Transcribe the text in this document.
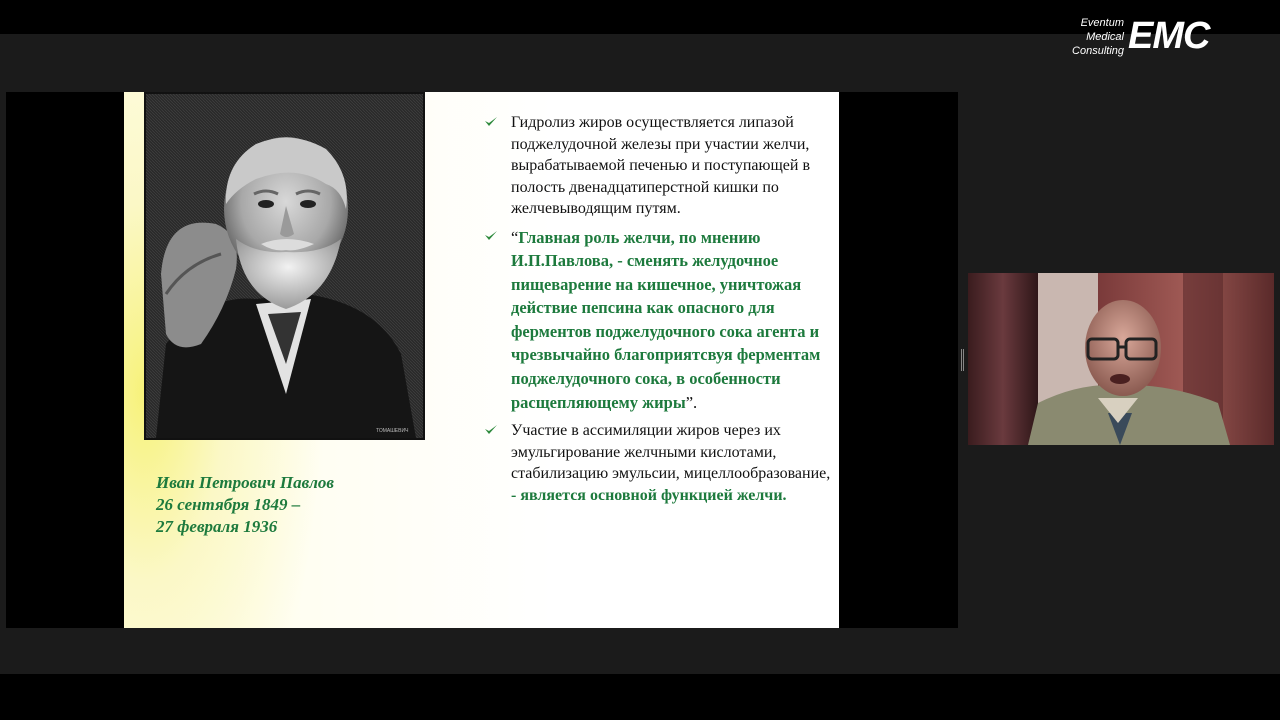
Eventum
Medical
Consulting EMC
ТОМАШЕВИЧ
Иван Петрович Павлов
26 сентября 1849 –
27 февраля 1936
Гидролиз жиров осуществляется липазой поджелудочной железы при участии желчи, вырабатываемой печенью и поступающей в полость двенадцатиперстной кишки по желчевыводящим путям.
“Главная роль желчи, по мнению И.П.Павлова, - сменять желудочное пищеварение на кишечное, уничтожая действие пепсина как опасного для ферментов поджелудочного сока агента и чрезвычайно благоприятсвуя ферментам поджелудочного сока, в особенности расщепляющему жиры”.
Участие в ассимиляции жиров через их эмульгирование желчными кислотами, стабилизацию эмульсии, мицеллообразование, - является основной функцией желчи.
